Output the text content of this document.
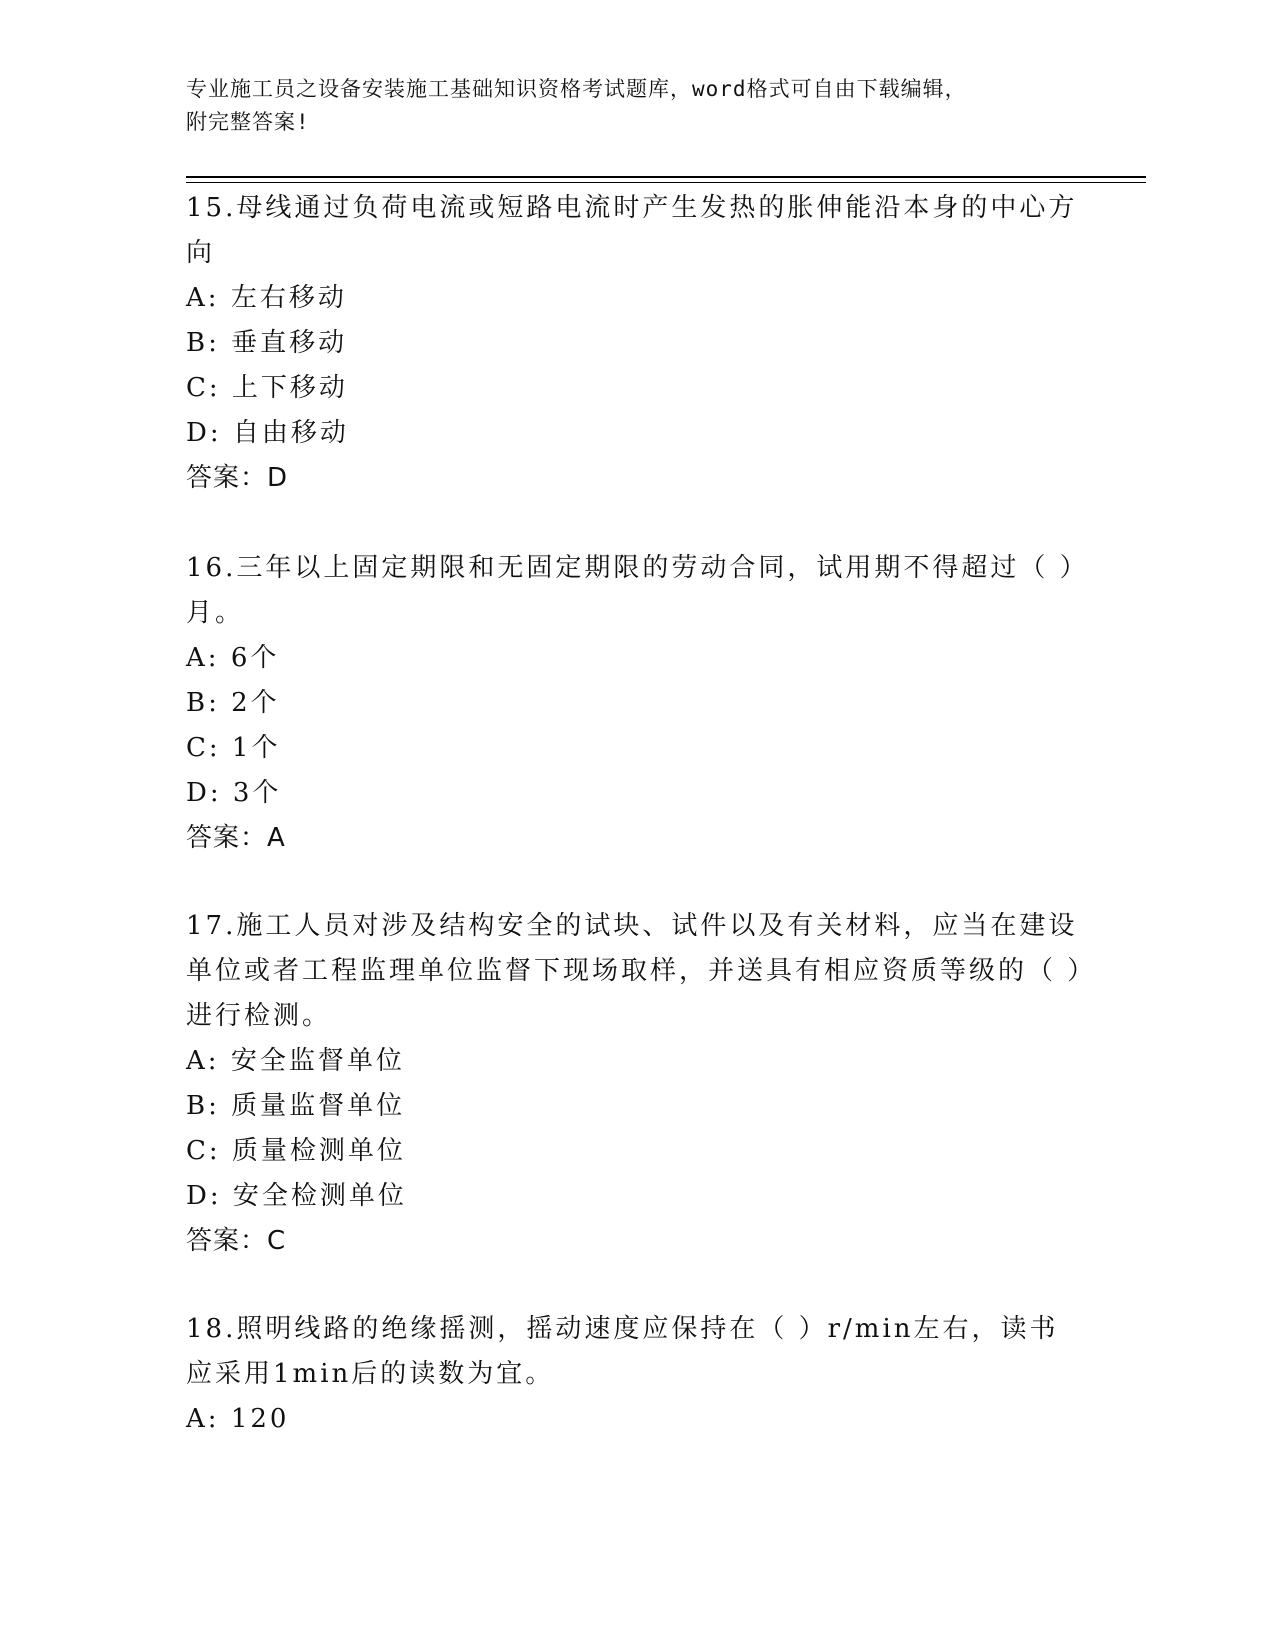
专业施工员之设备安装施工基础知识资格考试题库，word格式可自由下载编辑，
附完整答案!
15.母线通过负荷电流或短路电流时产生发热的胀伸能沿本身的中心方向
A: 左右移动
B: 垂直移动
C: 上下移动
D: 自由移动
答案：D
16.三年以上固定期限和无固定期限的劳动合同，试用期不得超过（ ）月。
A: 6个
B: 2个
C: 1个
D: 3个
答案：A
17.施工人员对涉及结构安全的试块、试件以及有关材料，应当在建设单位或者工程监理单位监督下现场取样，并送具有相应资质等级的（ ）进行检测。
A: 安全监督单位
B: 质量监督单位
C: 质量检测单位
D: 安全检测单位
答案：C
18.照明线路的绝缘摇测，摇动速度应保持在（ ）r/min左右，读书应采用1min后的读数为宜。
A: 120
